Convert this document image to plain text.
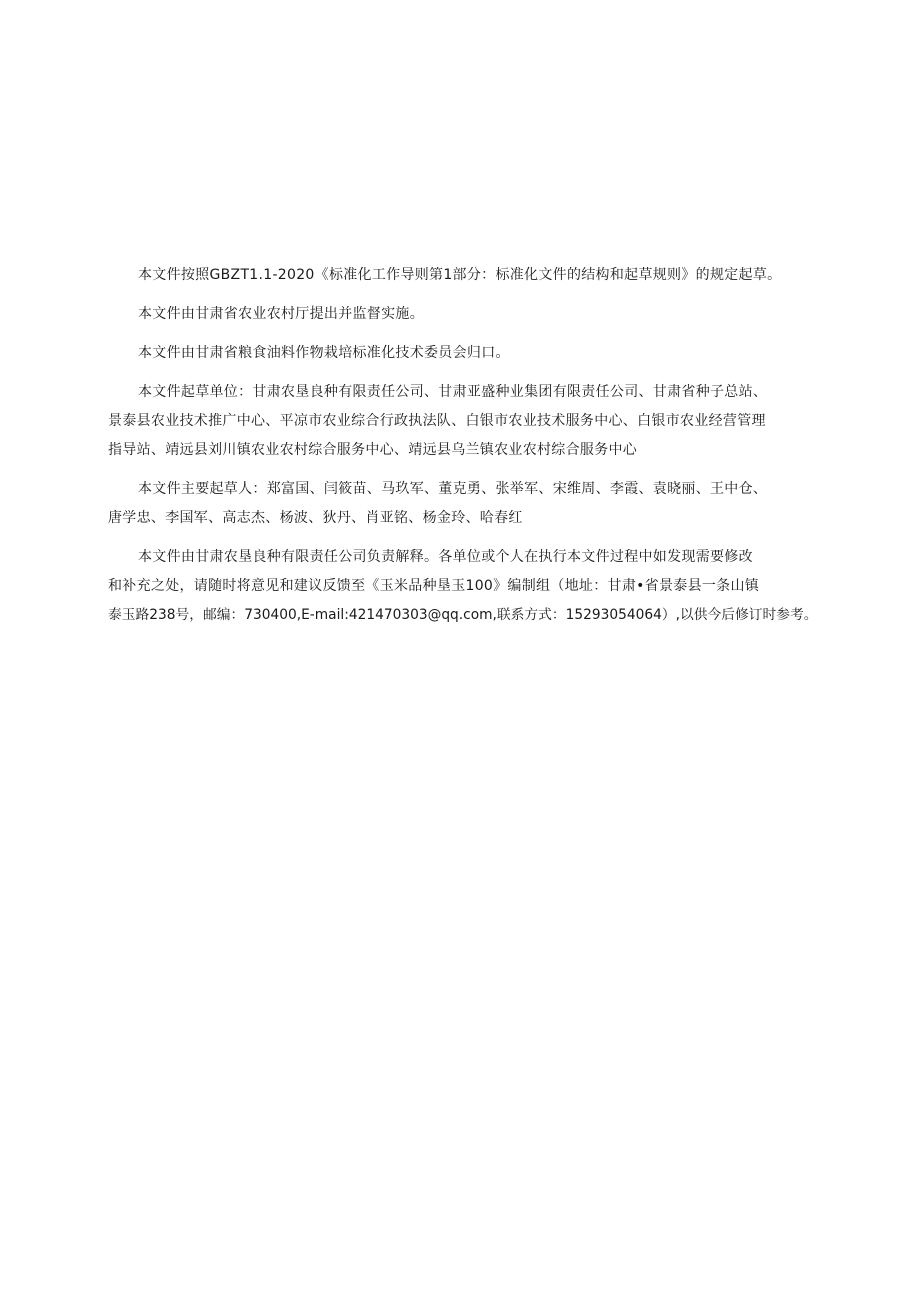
本文件按照GBZT1.1-2020《标准化工作导则第1部分：标准化文件的结构和起草规则》的规定起草。

本文件由甘肃省农业农村厅提出并监督实施。

本文件由甘肃省粮食油料作物栽培标准化技术委员会归口。

本文件起草单位：甘肃农垦良种有限责任公司、甘肃亚盛种业集团有限责任公司、甘肃省种子总站、
景泰县农业技术推广中心、平凉市农业综合行政执法队、白银市农业技术服务中心、白银市农业经营管理
指导站、靖远县刘川镇农业农村综合服务中心、靖远县乌兰镇农业农村综合服务中心

本文件主要起草人：郑富国、闫筱苗、马玖军、董克勇、张举军、宋维周、李霞、袁晓丽、王中仓、
唐学忠、李国军、高志杰、杨波、狄丹、肖亚铭、杨金玲、哈春红

本文件由甘肃农垦良种有限责任公司负责解释。各单位或个人在执行本文件过程中如发现需要修改
和补充之处，请随时将意见和建议反馈至《玉米品种垦玉100》编制组（地址：甘肃•省景泰县一条山镇
泰玉路238号，邮编：730400,E-mail:421470303@qq.com,联系方式：15293054064）,以供今后修订时参考。
